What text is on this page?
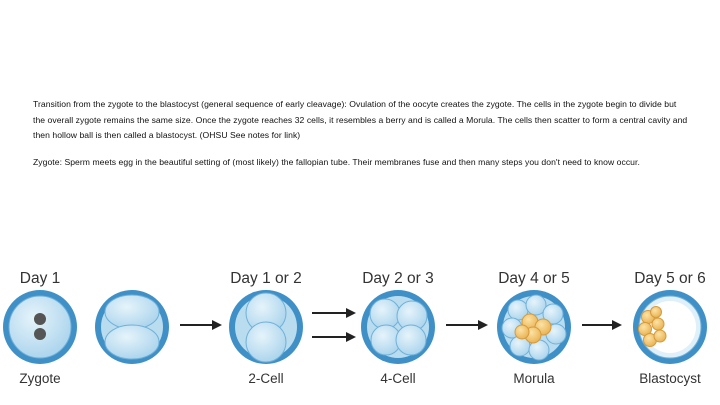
Transition from the zygote to the blastocyst (general sequence of early cleavage): Ovulation of the oocyte creates the zygote. The cells in the zygote begin to divide but the overall zygote remains the same size. Once the zygote reaches 32 cells, it resembles a berry and is called a Morula. The cells then scatter to form a central cavity and then hollow ball is then called a blastocyst. (OHSU See notes for link)
Zygote: Sperm meets egg in the beautiful setting of (most likely) the fallopian tube. Their membranes fuse and then many steps you don't need to know occur.
Day 1	Day 1 or 2	Day 2 or 3	Day 4 or 5	Day 5 or 6
Zygote	2-Cell	4-Cell	Morula	Blastocyst
